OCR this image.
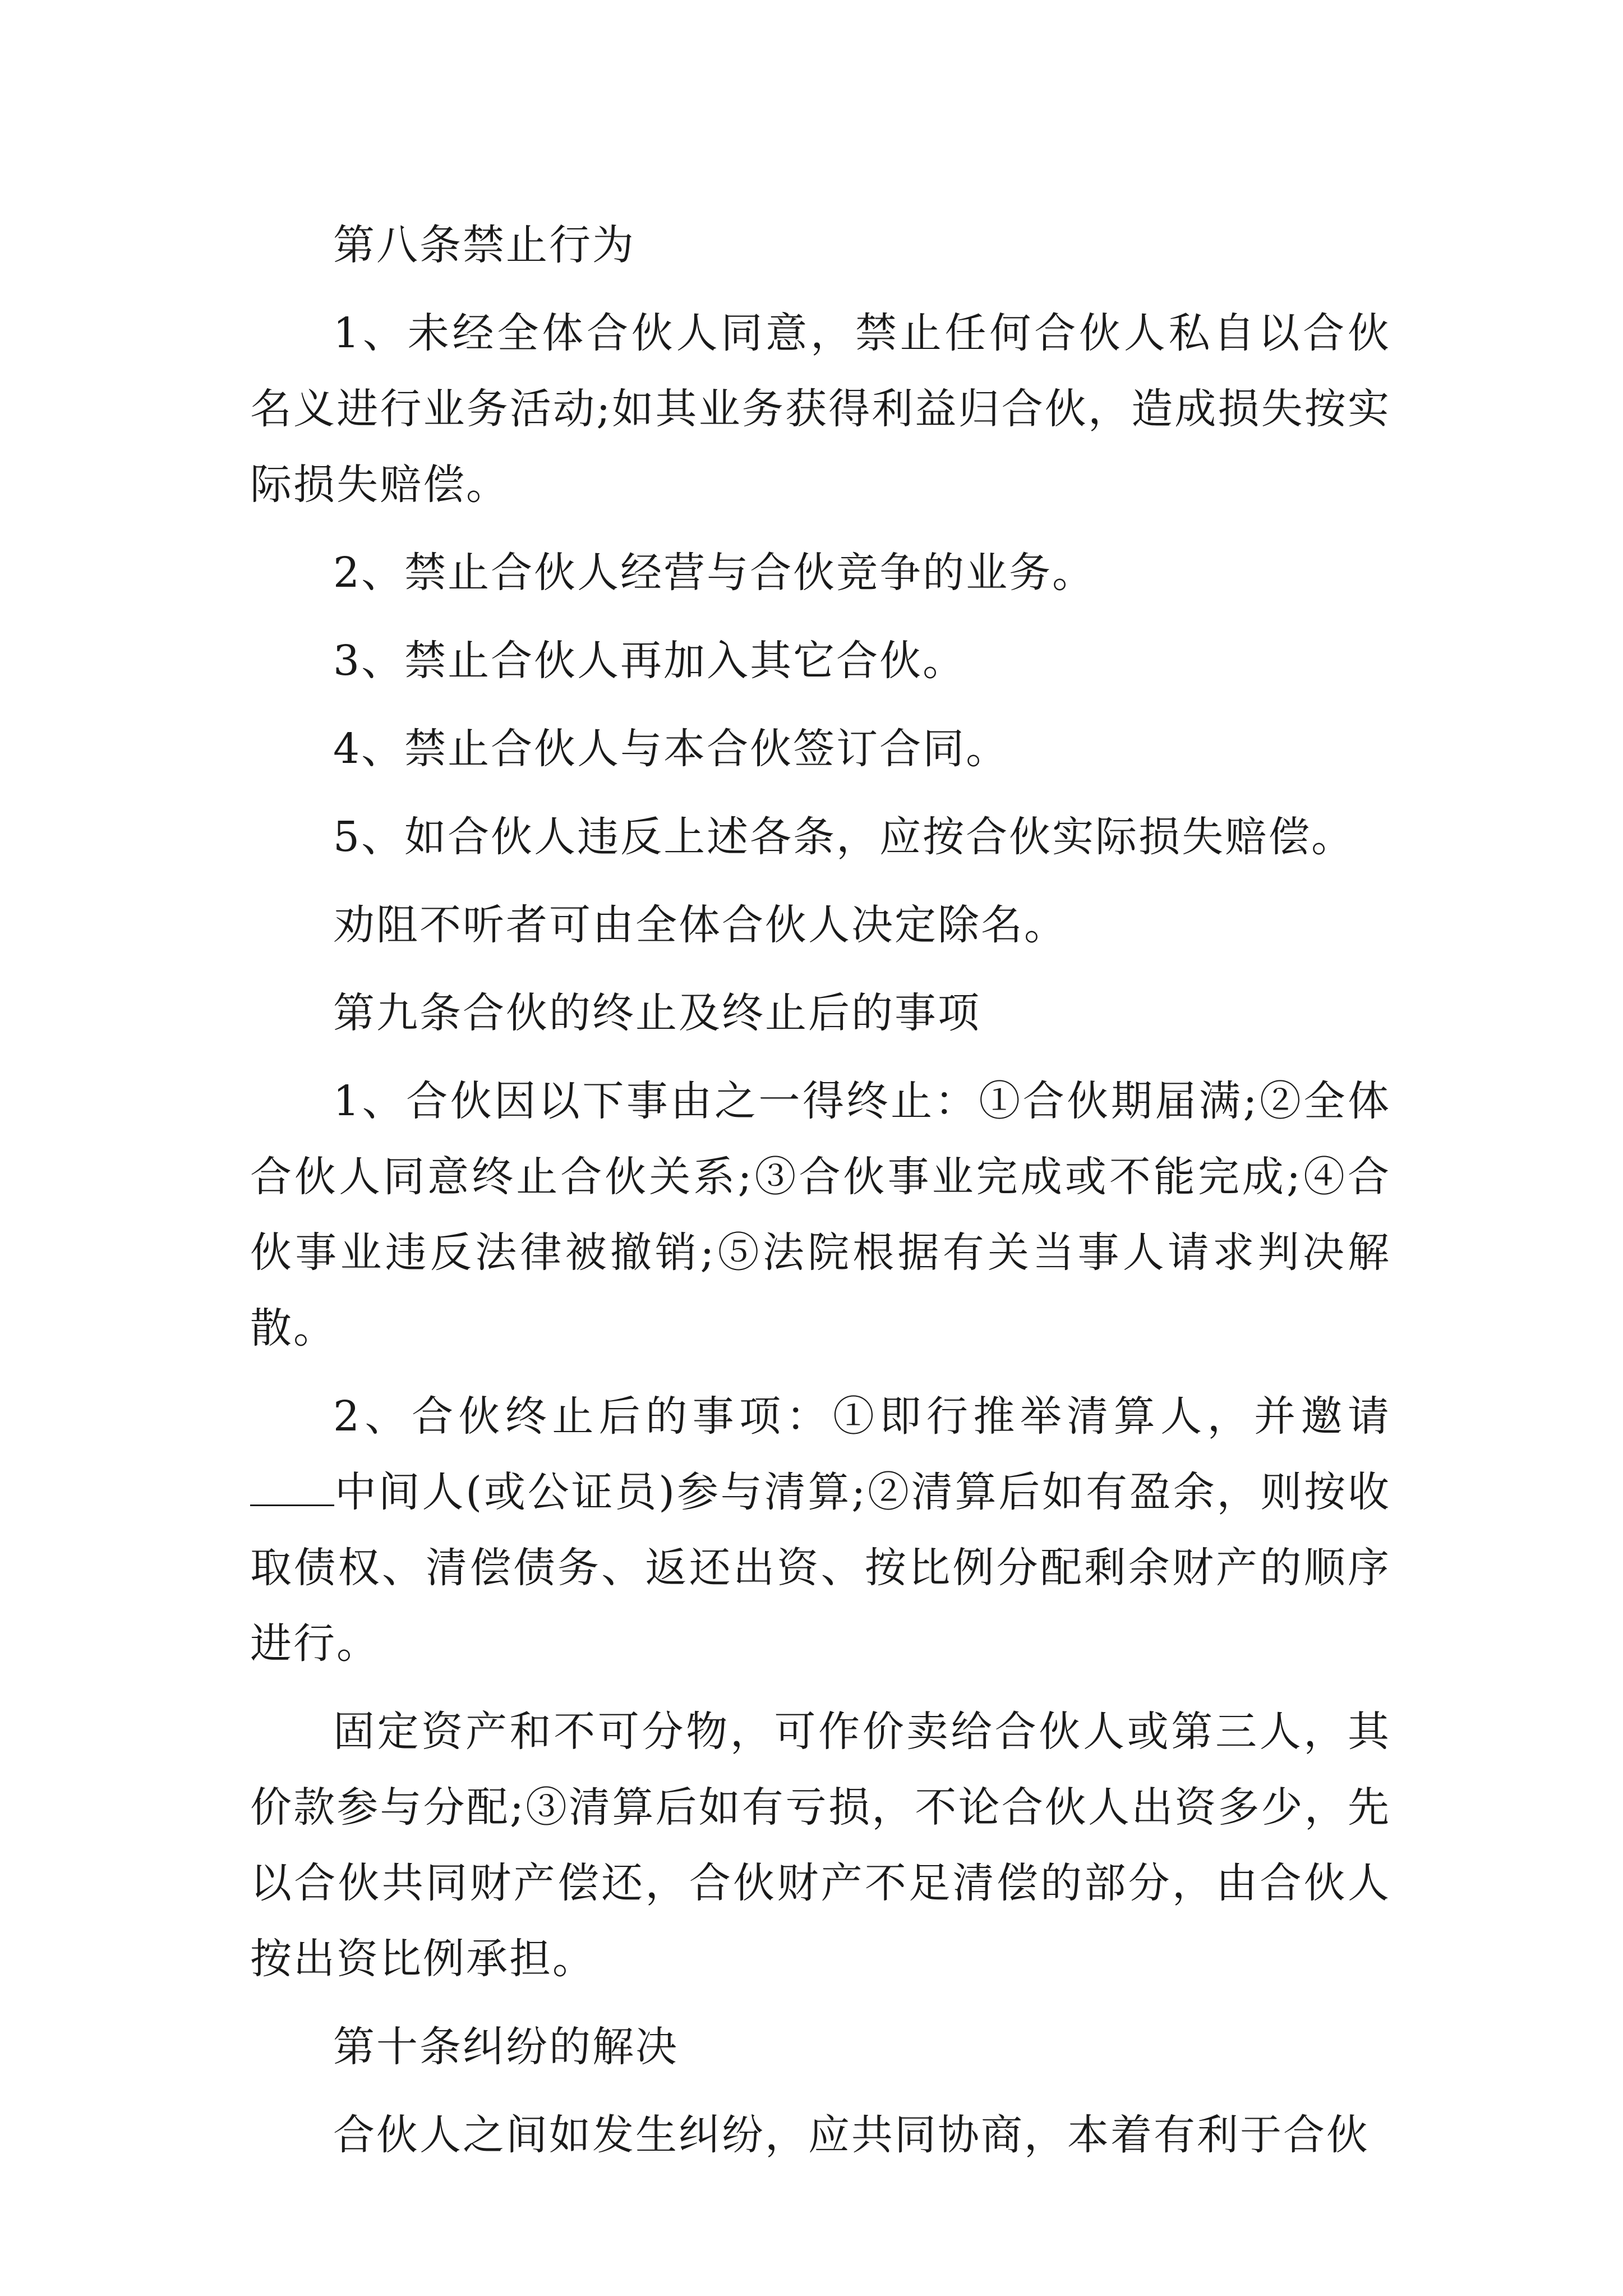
第八条禁止行为

1、未经全体合伙人同意，禁止任何合伙人私自以合伙名义进行业务活动;如其业务获得利益归合伙，造成损失按实际损失赔偿。

2、禁止合伙人经营与合伙竞争的业务。

3、禁止合伙人再加入其它合伙。

4、禁止合伙人与本合伙签订合同。

5、如合伙人违反上述各条，应按合伙实际损失赔偿。

劝阻不听者可由全体合伙人决定除名。

第九条合伙的终止及终止后的事项

1、合伙因以下事由之一得终止：①合伙期届满;②全体合伙人同意终止合伙关系;③合伙事业完成或不能完成;④合伙事业违反法律被撤销;⑤法院根据有关当事人请求判决解散。

2、合伙终止后的事项：①即行推举清算人，并邀请中间人(或公证员)参与清算;②清算后如有盈余，则按收取债权、清偿债务、返还出资、按比例分配剩余财产的顺序进行。

固定资产和不可分物，可作价卖给合伙人或第三人，其价款参与分配;③清算后如有亏损，不论合伙人出资多少，先以合伙共同财产偿还，合伙财产不足清偿的部分，由合伙人按出资比例承担。

第十条纠纷的解决

合伙人之间如发生纠纷，应共同协商，本着有利于合伙
